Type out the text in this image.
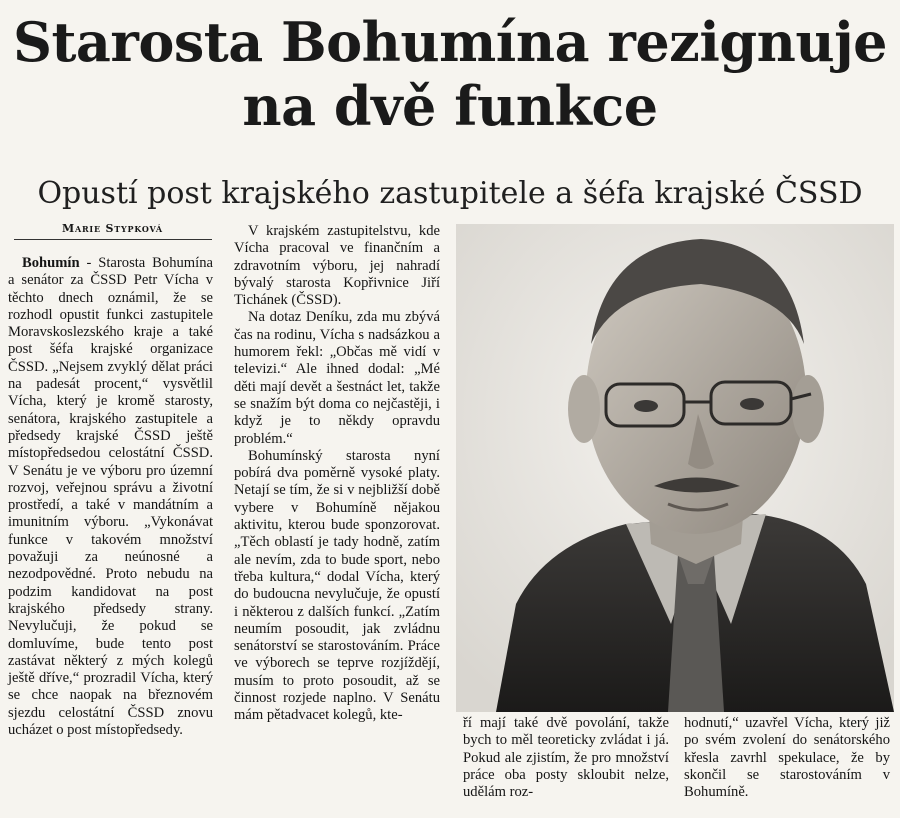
Starosta Bohumína rezignuje na dvě funkce
Opustí post krajského zastupitele a šéfa krajské ČSSD
Marie Stypková

Bohumín - Starosta Bohumína a senátor za ČSSD Petr Vícha v těchto dnech oznámil, že se rozhodl opustit funkci zastupitele Moravskoslezského kraje a také post šéfa krajské organizace ČSSD. „Nejsem zvyklý dělat práci na padesát procent,“ vysvětlil Vícha, který je kromě starosty, senátora, krajského zastupitele a předsedy krajské ČSSD ještě místopředsedou celostátní ČSSD. V Senátu je ve výboru pro územní rozvoj, veřejnou správu a životní prostředí, a také v mandátním a imunitním výboru. „Vykonávat funkce v takovém množství považuji za neúnosné a nezodpovědné. Proto nebudu na podzim kandidovat na post krajského předsedy strany. Nevylučuji, že pokud se domluvíme, bude tento post zastávat některý z mých kolegů ještě dříve,“ prozradil Vícha, který se chce naopak na březnovém sjezdu celostátní ČSSD znovu ucházet o post místopředsedy.

V krajském zastupitelstvu, kde Vícha pracoval ve finančním a zdravotním výboru, jej nahradí bývalý starosta Kopřivnice Jiří Tichánek (ČSSD).

Na dotaz Deníku, zda mu zbývá čas na rodinu, Vícha s nadsázkou a humorem řekl: „Občas mě vidí v televizi.“ Ale ihned dodal: „Mé děti mají devět a šestnáct let, takže se snažím být doma co nejčastěji, i když je to někdy opravdu problém.“

Bohumínský starosta nyní pobírá dva poměrně vysoké platy. Netají se tím, že si v nejbližší době vybere v Bohumíně nějakou aktivitu, kterou bude sponzorovat. „Těch oblastí je tady hodně, zatím ale nevím, zda to bude sport, nebo třeba kultura,“ dodal Vícha, který do budoucna nevylučuje, že opustí i některou z dalších funkcí. „Zatím neumím posoudit, jak zvládnu senátorství se starostováním. Práce ve výborech se teprve rozjíždějí, musím to proto posoudit, až se činnost rozjede naplno. V Senátu mám pětadvacet kolegů, kte-	ří mají také dvě povolání, takže bych to měl teoreticky zvládat i já. Pokud ale zjistím, že pro množství práce oba posty skloubit nelze, udělám roz-

hodnutí,“ uzavřel Vícha, který již po svém zvolení do senátorského křesla zavrhl spekulace, že by skončil se starostováním v Bohumíně.
